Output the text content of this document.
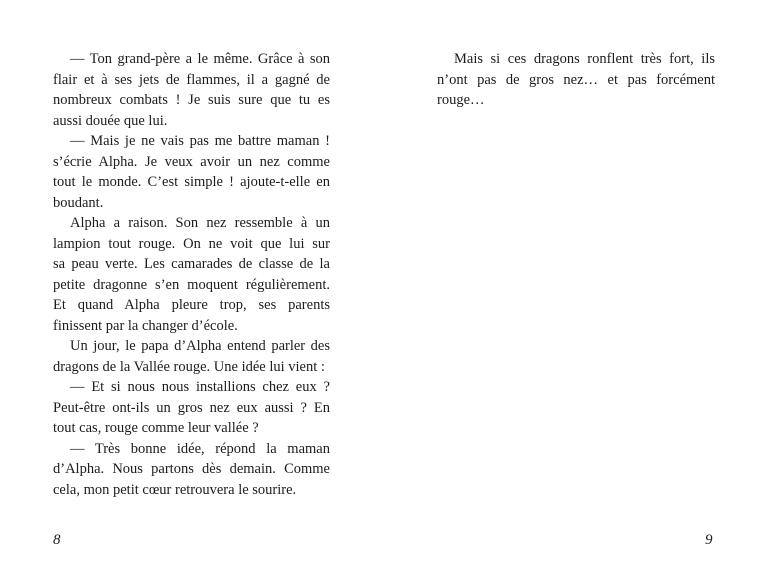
— Ton grand-père a le même. Grâce à son
flair et à ses jets de flammes, il a gagné de
nombreux combats ! Je suis sure que tu es
aussi douée que lui.
— Mais je ne vais pas me battre maman !
s’écrie Alpha. Je veux avoir un nez comme
tout le monde. C’est simple ! ajoute-t-elle en
boudant.
Alpha a raison. Son nez ressemble à un
lampion tout rouge. On ne voit que lui sur
sa peau verte. Les camarades de classe de la
petite dragonne s’en moquent régulièrement.
Et quand Alpha pleure trop, ses parents
finissent par la changer d’école.
Un jour, le papa d’Alpha entend parler des
dragons de la Vallée rouge. Une idée lui vient :
— Et si nous nous installions chez eux ?
Peut-être ont-ils un gros nez eux aussi ? En
tout cas, rouge comme leur vallée ?
— Très bonne idée, répond la maman
d’Alpha. Nous partons dès demain. Comme
cela, mon petit cœur retrouvera le sourire.
8
Mais si ces dragons ronflent très fort, ils
n’ont pas de gros nez… et pas forcément
rouge…
9
